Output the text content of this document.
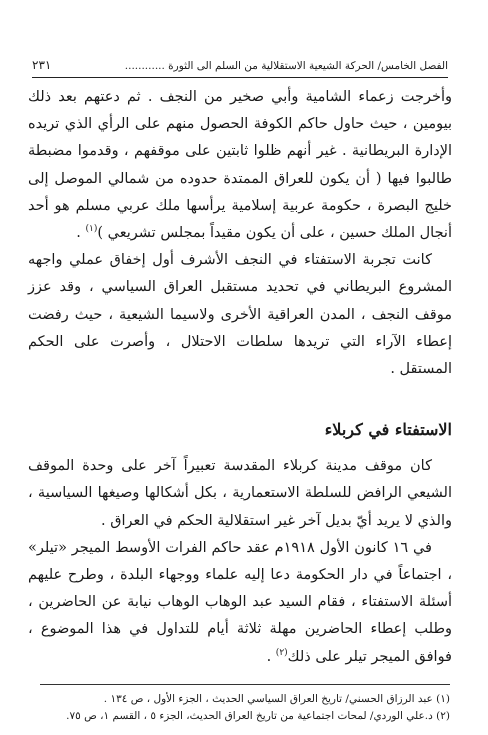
الفصل الخامس/ الحركة الشيعية الاستقلالية من السلم الى الثورة ............
٢٣١

وأخرجت زعماء الشامية وأبي صخير من النجف . ثم دعتهم بعد ذلك بيومين ، حيث حاول حاكم الكوفة الحصول منهم على الرأي الذي تريده الإدارة البريطانية . غير أنهم ظلوا ثابتين على موقفهم ، وقدموا مضبطة طالبوا فيها ( أن يكون للعراق الممتدة حدوده من شمالي الموصل إلى خليج البصرة ، حكومة عربية إسلامية يرأسها ملك عربي مسلم هو أحد أنجال الملك حسين ، على أن يكون مقيداً بمجلس تشريعي )$^{(١)}$ .

كانت تجربة الاستفتاء في النجف الأشرف أول إخفاق عملي واجهه المشروع البريطاني في تحديد مستقبل العراق السياسي ، وقد عزز موقف النجف ، المدن العراقية الأخرى ولاسيما الشيعية ، حيث رفضت إعطاء الآراء التي تريدها سلطات الاحتلال ، وأصرت على الحكم المستقل .

الاستفتاء في كربلاء

كان موقف مدينة كربلاء المقدسة تعبيراً آخر على وحدة الموقف الشيعي الرافض للسلطة الاستعمارية ، بكل أشكالها وصيغها السياسية ، والذي لا يريد أيّ بديل آخر غير استقلالية الحكم في العراق .

في ١٦ كانون الأول ١٩١٨م عقد حاكم الفرات الأوسط الميجر «تيلر» ، اجتماعاً في دار الحكومة دعا إليه علماء ووجهاء البلدة ، وطرح عليهم أسئلة الاستفتاء ، فقام السيد عبد الوهاب الوهاب نيابة عن الحاضرين ، وطلب إعطاء الحاضرين مهلة ثلاثة أيام للتداول في هذا الموضوع ، فوافق الميجر تيلر على ذلك$^{(٢)}$ .

(١) عبد الرزاق الحسني/ تاريخ العراق السياسي الحديث ، الجزء الأول ، ص ١٣٤ .

(٢) د.علي الوردي/ لمحات اجتماعية من تاريخ العراق الحديث، الجزء ٥ ، القسم ١، ص ٧٥.
